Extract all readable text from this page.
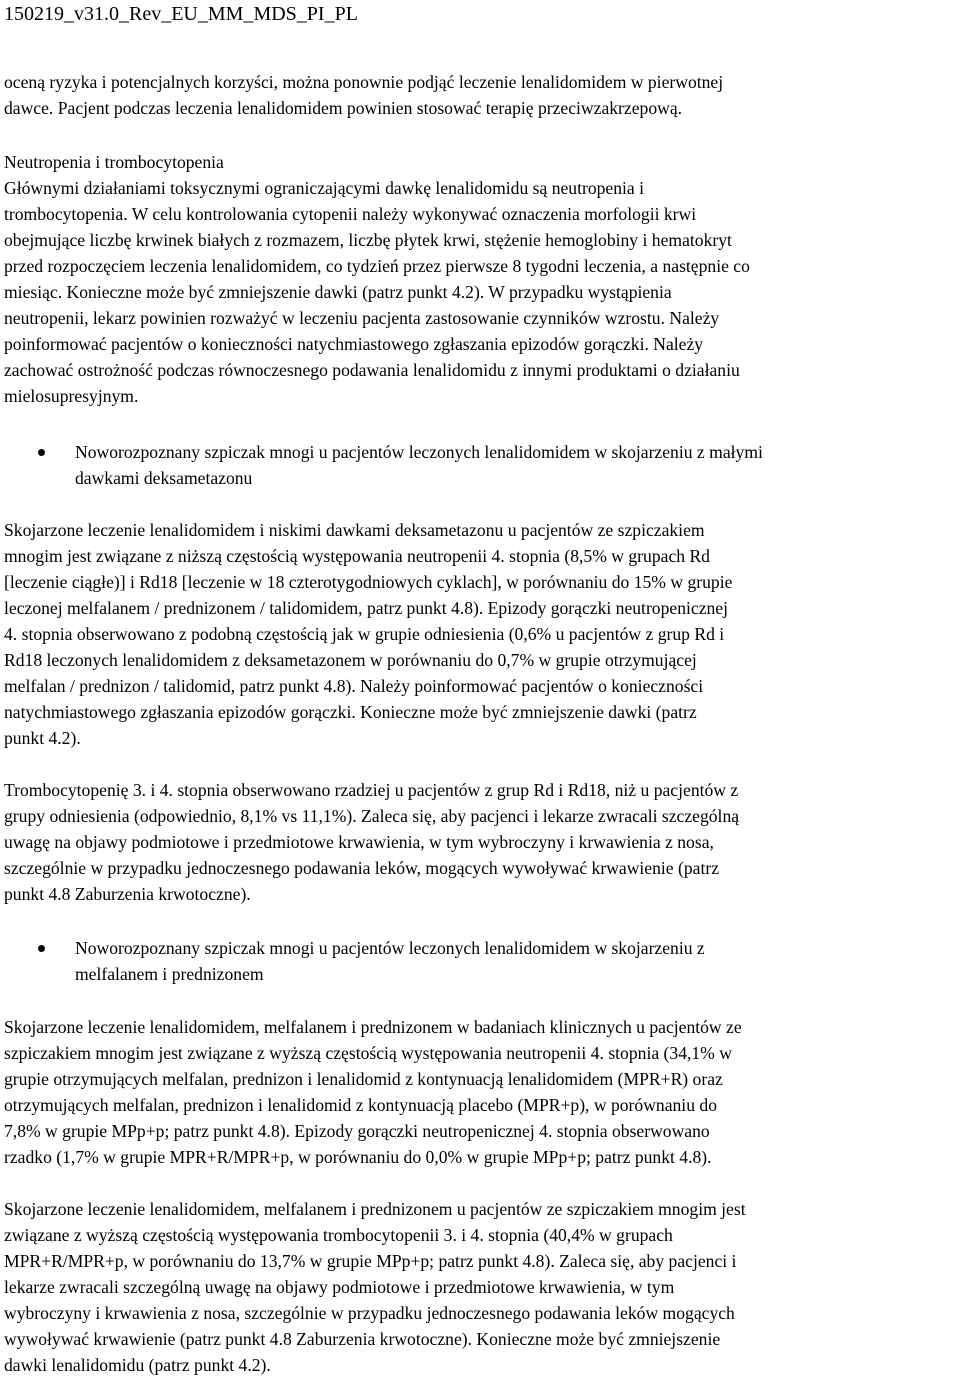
150219_v31.0_Rev_EU_MM_MDS_PI_PL
oceną ryzyka i potencjalnych korzyści, można ponownie podjąć leczenie lenalidomidem w pierwotnej
dawce. Pacjent podczas leczenia lenalidomidem powinien stosować terapię przeciwzakrzepową.
Neutropenia i trombocytopenia
Głównymi działaniami toksycznymi ograniczającymi dawkę lenalidomidu są neutropenia i
trombocytopenia. W celu kontrolowania cytopenii należy wykonywać oznaczenia morfologii krwi
obejmujące liczbę krwinek białych z rozmazem, liczbę płytek krwi, stężenie hemoglobiny i hematokryt
przed rozpoczęciem leczenia lenalidomidem, co tydzień przez pierwsze 8 tygodni leczenia, a następnie co
miesiąc. Konieczne może być zmniejszenie dawki (patrz punkt 4.2). W przypadku wystąpienia
neutropenii, lekarz powinien rozważyć w leczeniu pacjenta zastosowanie czynników wzrostu. Należy
poinformować pacjentów o konieczności natychmiastowego zgłaszania epizodów gorączki. Należy
zachować ostrożność podczas równoczesnego podawania lenalidomidu z innymi produktami o działaniu
mielosupresyjnym.
Noworozpoznany szpiczak mnogi u pacjentów leczonych lenalidomidem w skojarzeniu z małymi
dawkami deksametazonu
Skojarzone leczenie lenalidomidem i niskimi dawkami deksametazonu u pacjentów ze szpiczakiem
mnogim jest związane z niższą częstością występowania neutropenii 4. stopnia (8,5% w grupach Rd
[leczenie ciągłe)] i Rd18 [leczenie w 18 czterotygodniowych cyklach], w porównaniu do 15% w grupie
leczonej melfalanem / prednizonem / talidomidem, patrz punkt 4.8). Epizody gorączki neutropenicznej
4. stopnia obserwowano z podobną częstością jak w grupie odniesienia (0,6% u pacjentów z grup Rd i
Rd18 leczonych lenalidomidem z deksametazonem w porównaniu do 0,7% w grupie otrzymującej
melfalan / prednizon / talidomid, patrz punkt 4.8). Należy poinformować pacjentów o konieczności
natychmiastowego zgłaszania epizodów gorączki. Konieczne może być zmniejszenie dawki (patrz
punkt 4.2).
Trombocytopenię 3. i 4. stopnia obserwowano rzadziej u pacjentów z grup Rd i Rd18, niż u pacjentów z
grupy odniesienia (odpowiednio, 8,1% vs 11,1%). Zaleca się, aby pacjenci i lekarze zwracali szczególną
uwagę na objawy podmiotowe i przedmiotowe krwawienia, w tym wybroczyny i krwawienia z nosa,
szczególnie w przypadku jednoczesnego podawania leków, mogących wywoływać krwawienie (patrz
punkt 4.8 Zaburzenia krwotoczne).
Noworozpoznany szpiczak mnogi u pacjentów leczonych lenalidomidem w skojarzeniu z
melfalanem i prednizonem
Skojarzone leczenie lenalidomidem, melfalanem i prednizonem w badaniach klinicznych u pacjentów ze
szpiczakiem mnogim jest związane z wyższą częstością występowania neutropenii 4. stopnia (34,1% w
grupie otrzymujących melfalan, prednizon i lenalidomid z kontynuacją lenalidomidem (MPR+R) oraz
otrzymujących melfalan, prednizon i lenalidomid z kontynuacją placebo (MPR+p), w porównaniu do
7,8% w grupie MPp+p; patrz punkt 4.8). Epizody gorączki neutropenicznej 4. stopnia obserwowano
rzadko (1,7% w grupie MPR+R/MPR+p, w porównaniu do 0,0% w grupie MPp+p; patrz punkt 4.8).
Skojarzone leczenie lenalidomidem, melfalanem i prednizonem u pacjentów ze szpiczakiem mnogim jest
związane z wyższą częstością występowania trombocytopenii 3. i 4. stopnia (40,4% w grupach
MPR+R/MPR+p, w porównaniu do 13,7% w grupie MPp+p; patrz punkt 4.8). Zaleca się, aby pacjenci i
lekarze zwracali szczególną uwagę na objawy podmiotowe i przedmiotowe krwawienia, w tym
wybroczyny i krwawienia z nosa, szczególnie w przypadku jednoczesnego podawania leków mogących
wywoływać krwawienie (patrz punkt 4.8 Zaburzenia krwotoczne). Konieczne może być zmniejszenie
dawki lenalidomidu (patrz punkt 4.2).
